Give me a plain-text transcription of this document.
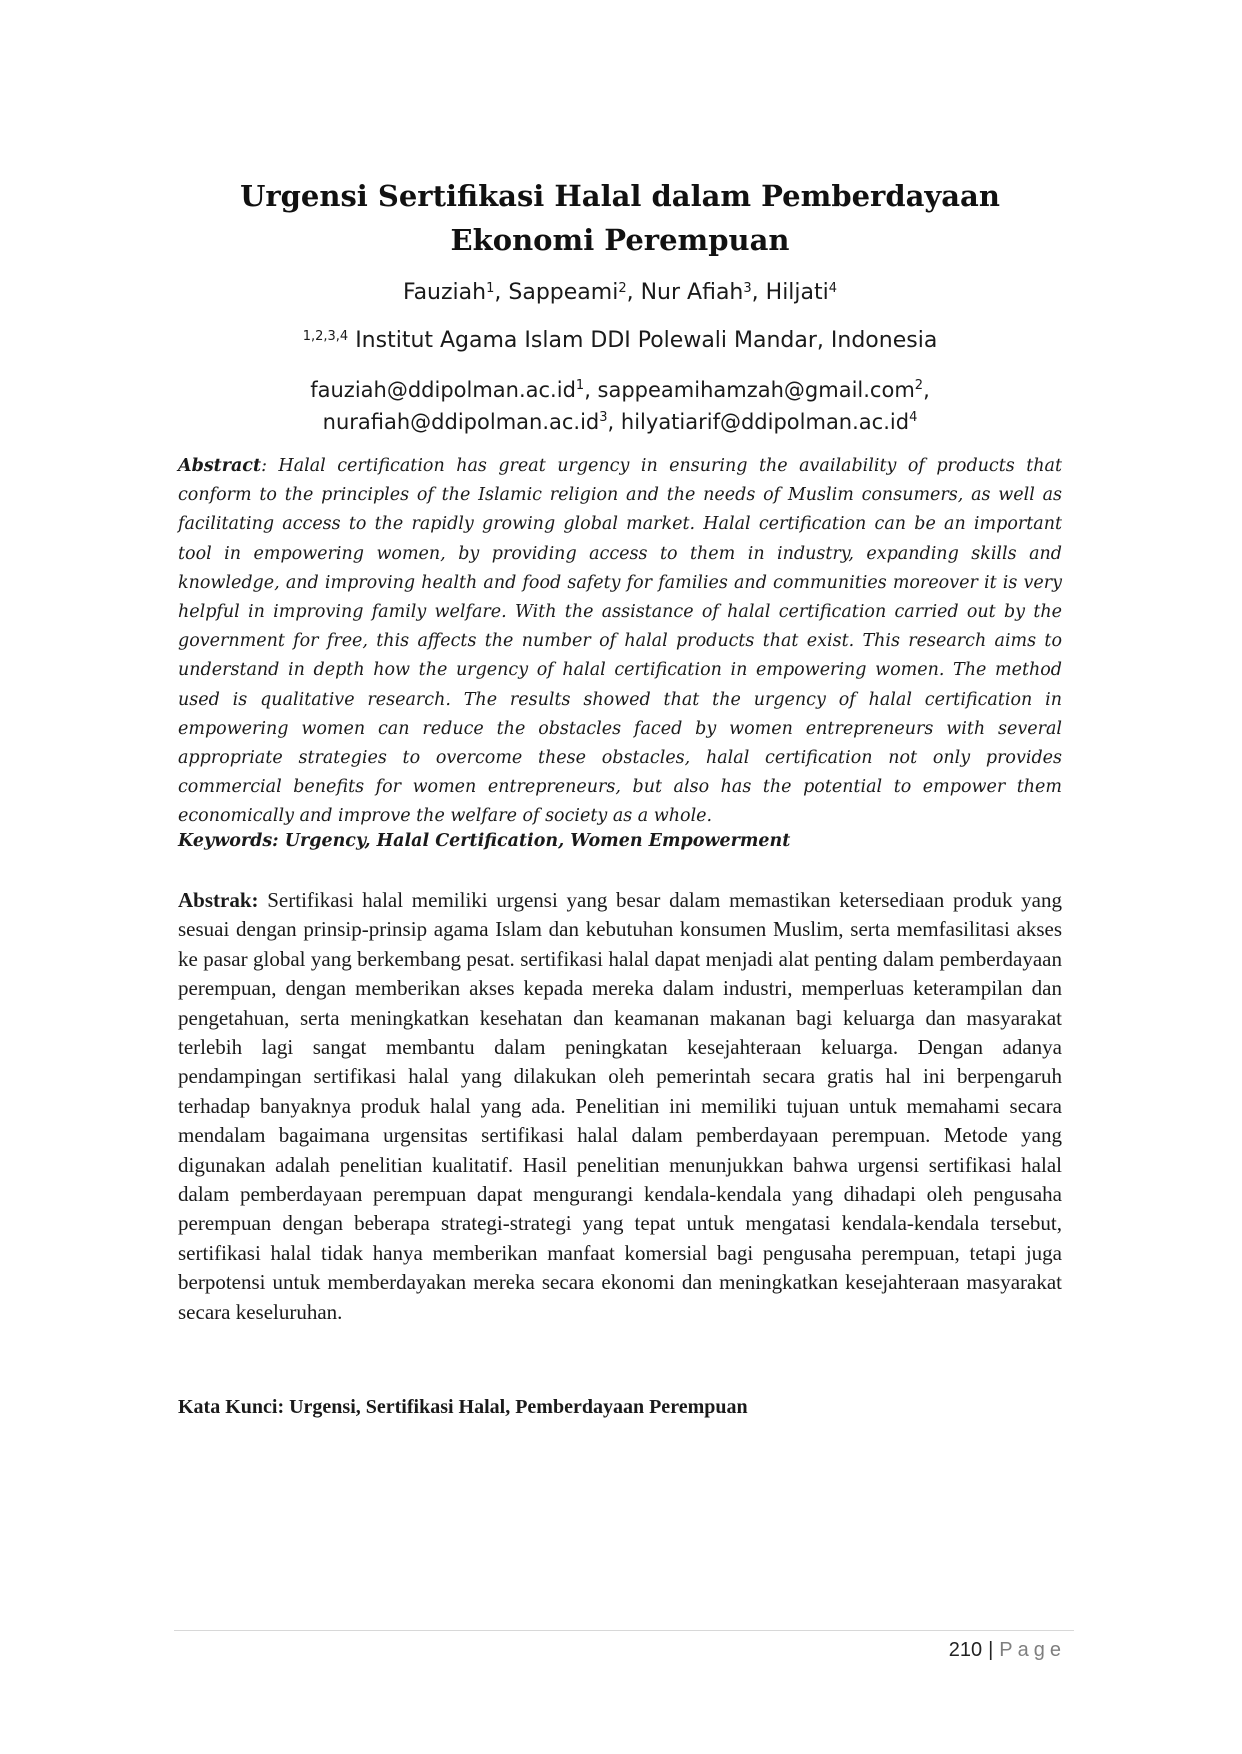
Urgensi Sertifikasi Halal dalam Pemberdayaan Ekonomi Perempuan
Fauziah$^1$, Sappeami$^2$, Nur Afiah$^3$, Hiljati$^4$
$^{1,2,3,4}$ Institut Agama Islam DDI Polewali Mandar, Indonesia
$fauziah@ddipolman.ac.id^1$, sappeamihamzah@gmail.com$^2$,
$nurafiah@ddipolman.ac.id^3$, $hilyatiarif@ddipolman.ac.id^4$

Abstract: Halal certification has great urgency in ensuring the availability of products that conform to the principles of the Islamic religion and the needs of Muslim consumers, as well as facilitating access to the rapidly growing global market. Halal certification can be an important tool in empowering women, by providing access to them in industry, expanding skills and knowledge, and improving health and food safety for families and communities moreover it is very helpful in improving family welfare. With the assistance of halal certification carried out by the government for free, this affects the number of halal products that exist. This research aims to understand in depth how the urgency of halal certification in empowering women. The method used is qualitative research. The results showed that the urgency of halal certification in empowering women can reduce the obstacles faced by women entrepreneurs with several appropriate strategies to overcome these obstacles, halal certification not only provides commercial benefits for women entrepreneurs, but also has the potential to empower them economically and improve the welfare of society as a whole.

Keywords: Urgency, Halal Certification, Women Empowerment

Abstrak: Sertifikasi halal memiliki urgensi yang besar dalam memastikan ketersediaan produk yang sesuai dengan prinsip-prinsip agama Islam dan kebutuhan konsumen Muslim, serta memfasilitasi akses ke pasar global yang berkembang pesat. sertifikasi halal dapat menjadi alat penting dalam pemberdayaan perempuan, dengan memberikan akses kepada mereka dalam industri, memperluas keterampilan dan pengetahuan, serta meningkatkan kesehatan dan keamanan makanan bagi keluarga dan masyarakat terlebih lagi sangat membantu dalam peningkatan kesejahteraan keluarga. Dengan adanya pendampingan sertifikasi halal yang dilakukan oleh pemerintah secara gratis hal ini berpengaruh terhadap banyaknya produk halal yang ada. Penelitian ini memiliki tujuan untuk memahami secara mendalam bagaimana urgensitas sertifikasi halal dalam pemberdayaan perempuan. Metode yang digunakan adalah penelitian kualitatif. Hasil penelitian menunjukkan bahwa urgensi sertifikasi halal dalam pemberdayaan perempuan dapat mengurangi kendala-kendala yang dihadapi oleh pengusaha perempuan dengan beberapa strategi-strategi yang tepat untuk mengatasi kendala-kendala tersebut, sertifikasi halal tidak hanya memberikan manfaat komersial bagi pengusaha perempuan, tetapi juga berpotensi untuk memberdayakan mereka secara ekonomi dan meningkatkan kesejahteraan masyarakat secara keseluruhan.

Kata Kunci: Urgensi, Sertifikasi Halal, Pemberdayaan Perempuan

210 | Page
